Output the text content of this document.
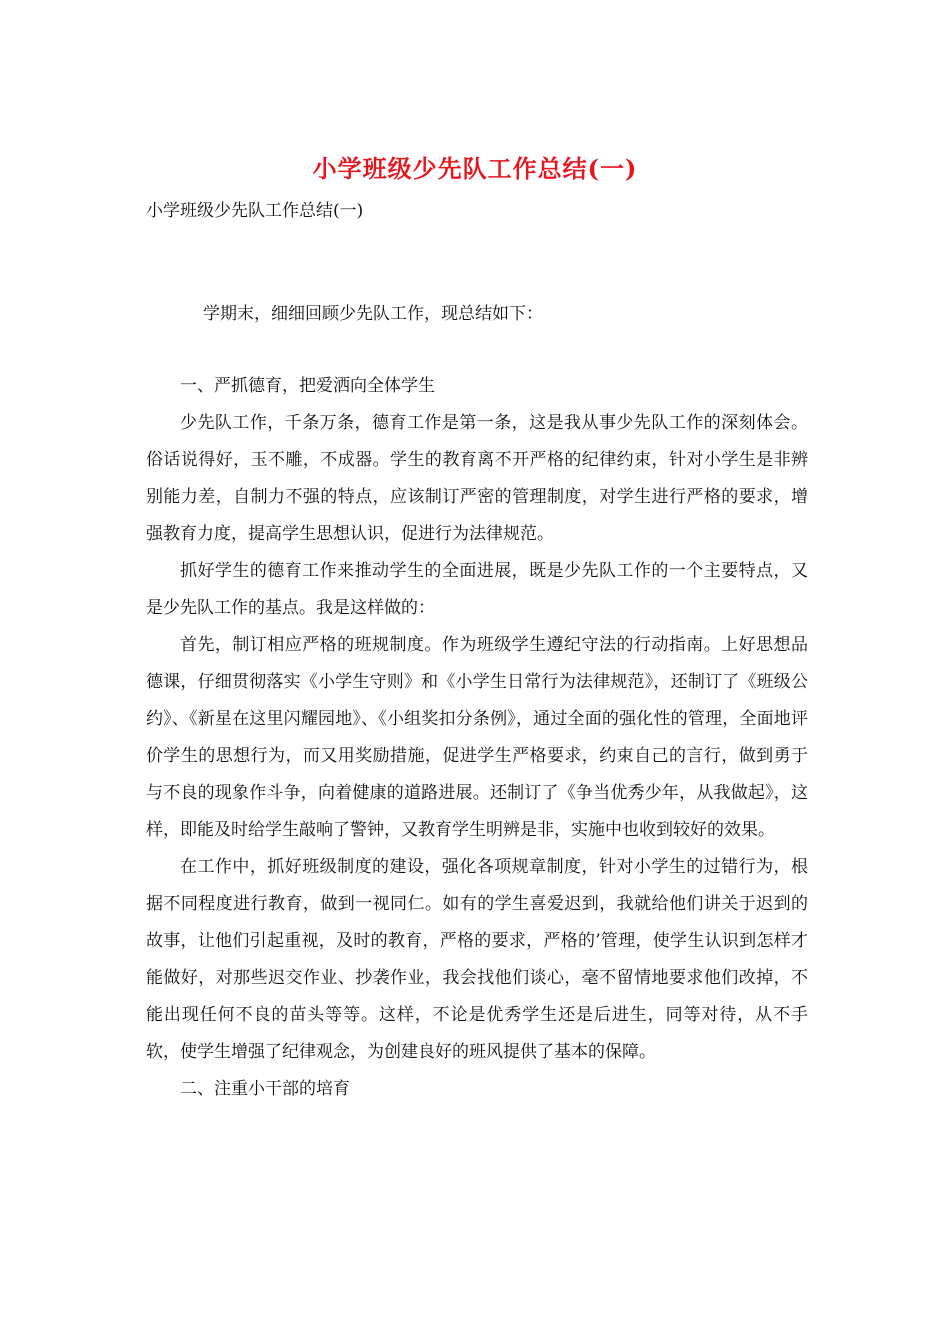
小学班级少先队工作总结(一)

小学班级少先队工作总结(一)

学期末，细细回顾少先队工作，现总结如下：

一、严抓德育，把爱洒向全体学生

少先队工作，千条万条，德育工作是第一条，这是我从事少先队工作的深刻体会。俗话说得好，玉不雕，不成器。学生的教育离不开严格的纪律约束，针对小学生是非辨别能力差，自制力不强的特点，应该制订严密的管理制度，对学生进行严格的要求，增强教育力度，提高学生思想认识，促进行为法律规范。

抓好学生的德育工作来推动学生的全面进展，既是少先队工作的一个主要特点，又是少先队工作的基点。我是这样做的：

首先，制订相应严格的班规制度。作为班级学生遵纪守法的行动指南。上好思想品德课，仔细贯彻落实《小学生守则》和《小学生日常行为法律规范》，还制订了《班级公约》、《新星在这里闪耀园地》、《小组奖扣分条例》，通过全面的强化性的管理，全面地评价学生的思想行为，而又用奖励措施，促进学生严格要求，约束自己的言行，做到勇于与不良的现象作斗争，向着健康的道路进展。还制订了《争当优秀少年，从我做起》，这样，即能及时给学生敲响了警钟，又教育学生明辨是非，实施中也收到较好的效果。

在工作中，抓好班级制度的建设，强化各项规章制度，针对小学生的过错行为，根据不同程度进行教育，做到一视同仁。如有的学生喜爱迟到，我就给他们讲关于迟到的故事，让他们引起重视，及时的教育，严格的要求，严格的’管理，使学生认识到怎样才能做好，对那些迟交作业、抄袭作业，我会找他们谈心，毫不留情地要求他们改掉，不能出现任何不良的苗头等等。这样，不论是优秀学生还是后进生，同等对待，从不手软，使学生增强了纪律观念，为创建良好的班风提供了基本的保障。

二、注重小干部的培育
